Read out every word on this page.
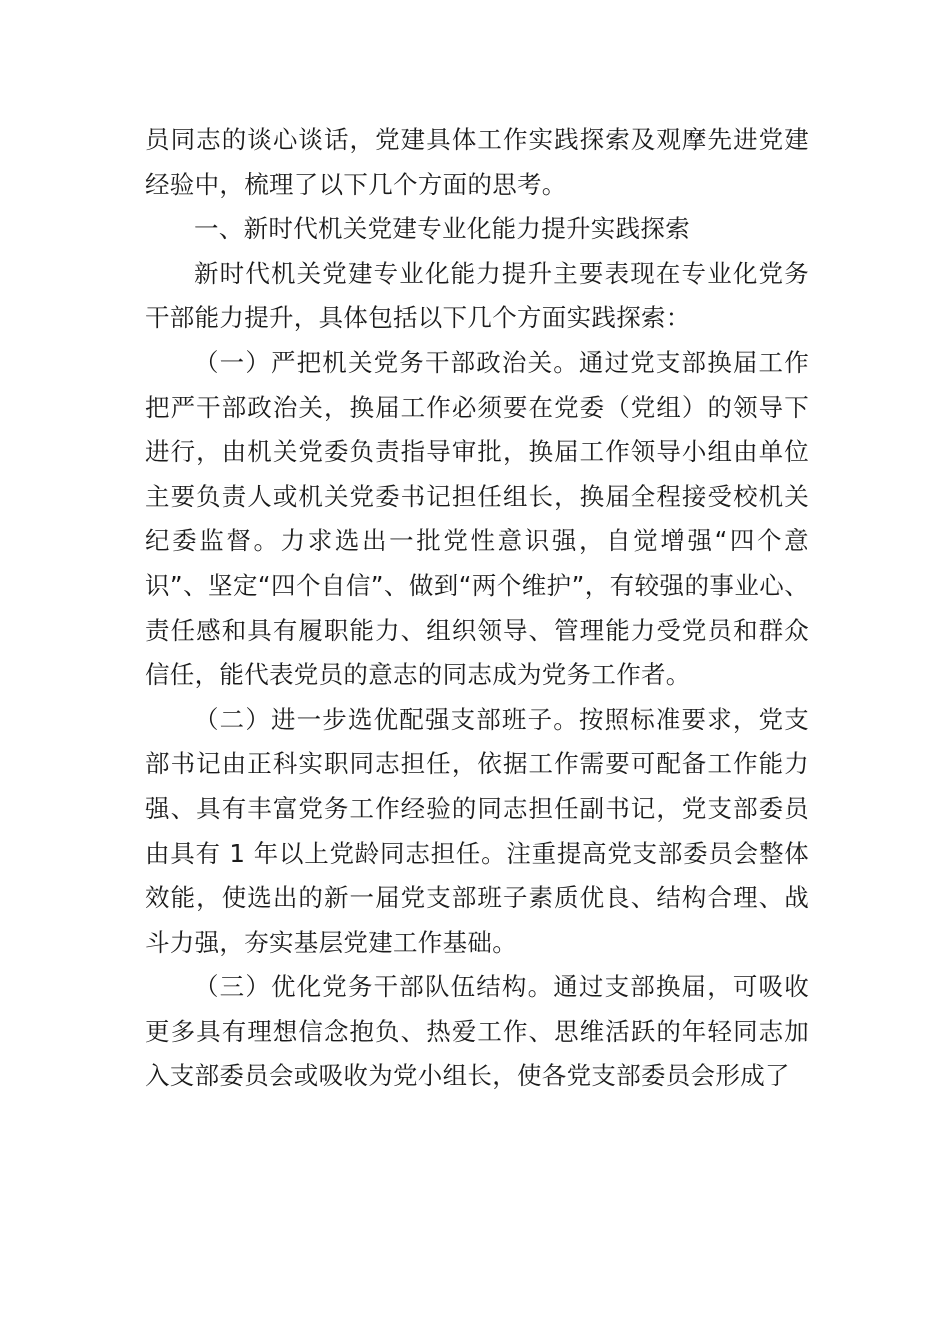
员同志的谈心谈话，党建具体工作实践探索及观摩先进党建经验中，梳理了以下几个方面的思考。

一、新时代机关党建专业化能力提升实践探索

新时代机关党建专业化能力提升主要表现在专业化党务干部能力提升，具体包括以下几个方面实践探索：

（一）严把机关党务干部政治关。通过党支部换届工作把严干部政治关，换届工作必须要在党委（党组）的领导下进行，由机关党委负责指导审批，换届工作领导小组由单位主要负责人或机关党委书记担任组长，换届全程接受校机关纪委监督。力求选出一批党性意识强，自觉增强“四个意识”、坚定“四个自信”、做到“两个维护”，有较强的事业心、责任感和具有履职能力、组织领导、管理能力受党员和群众信任，能代表党员的意志的同志成为党务工作者。

（二）进一步选优配强支部班子。按照标准要求，党支部书记由正科实职同志担任，依据工作需要可配备工作能力强、具有丰富党务工作经验的同志担任副书记，党支部委员由具有 1 年以上党龄同志担任。注重提高党支部委员会整体效能，使选出的新一届党支部班子素质优良、结构合理、战斗力强，夯实基层党建工作基础。

（三）优化党务干部队伍结构。通过支部换届，可吸收更多具有理想信念抱负、热爱工作、思维活跃的年轻同志加入支部委员会或吸收为党小组长，使各党支部委员会形成了
